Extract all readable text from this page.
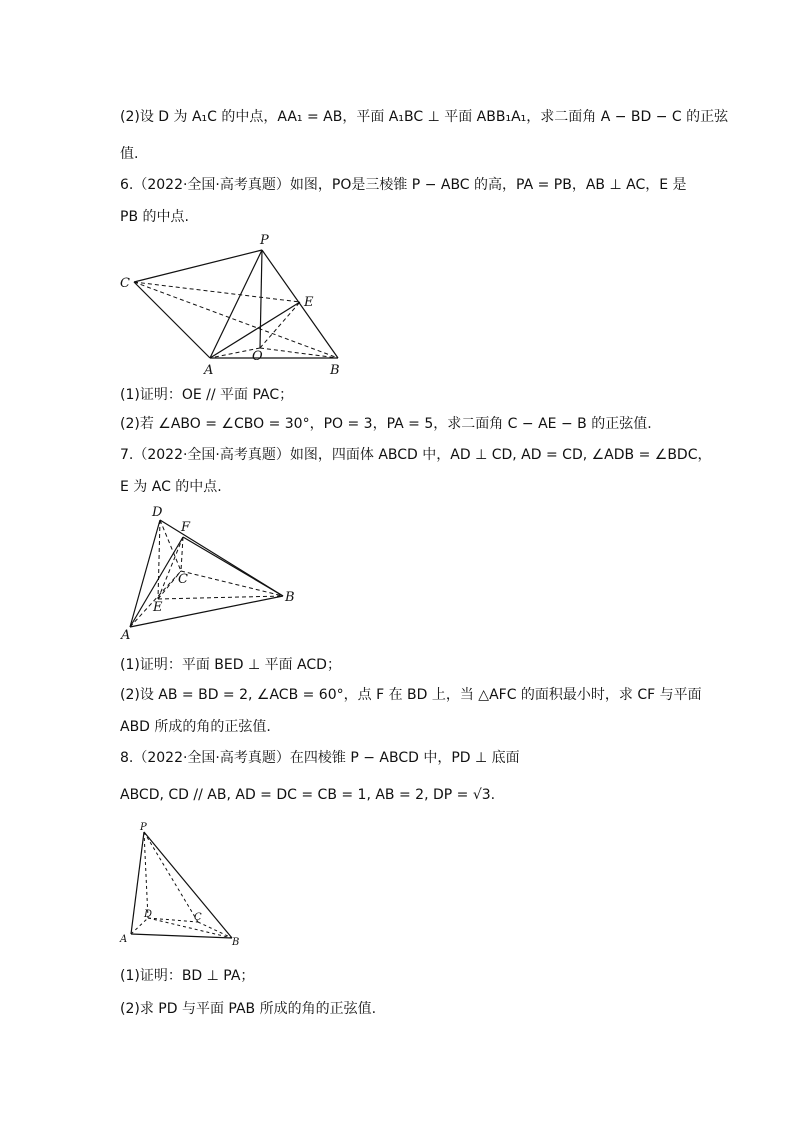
(2)设 D 为 A₁C 的中点，AA₁ = AB，平面 A₁BC ⊥ 平面 ABB₁A₁，求二面角 A − BD − C 的正弦
值.
6.（2022·全国·高考真题）如图，PO是三棱锥 P − ABC 的高，PA = PB，AB ⊥ AC，E 是
PB 的中点.
P
C
E
O
A	B
(1)证明：OE // 平面 PAC；
(2)若 ∠ABO = ∠CBO = 30°，PO = 3，PA = 5，求二面角 C − AE − B 的正弦值.
7.（2022·全国·高考真题）如图，四面体 ABCD 中，AD ⊥ CD, AD = CD, ∠ADB = ∠BDC，
E 为 AC 的中点.
D
F
C
E
B
A
(1)证明：平面 BED ⊥ 平面 ACD；
(2)设 AB = BD = 2, ∠ACB = 60°，点 F 在 BD 上，当 △AFC 的面积最小时，求 CF 与平面
ABD 所成的角的正弦值.
8.（2022·全国·高考真题）在四棱锥 P − ABCD 中，PD ⊥ 底面
ABCD, CD // AB, AD = DC = CB = 1, AB = 2, DP = √3.
P
D	C
A	B
(1)证明：BD ⊥ PA；
(2)求 PD 与平面 PAB 所成的角的正弦值.
